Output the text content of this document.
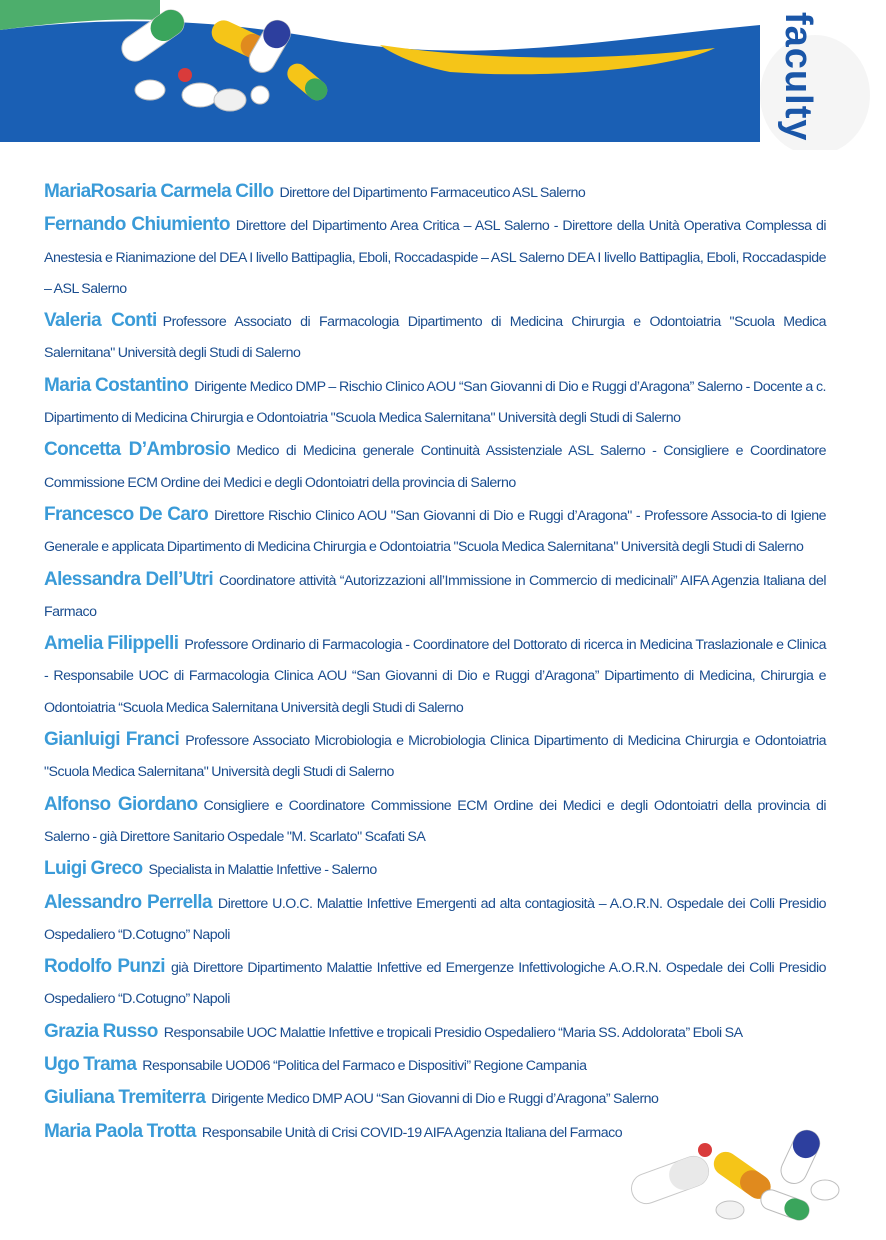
faculty
MariaRosaria Carmela Cillo Direttore del Dipartimento Farmaceutico ASL Salerno
Fernando Chiumiento Direttore del Dipartimento Area Critica – ASL Salerno - Direttore della Unità Operativa Complessa di Anestesia e Rianimazione del DEA I livello Battipaglia, Eboli, Roccadaspide – ASL Salerno DEA I livello Battipaglia, Eboli, Roccadaspide – ASL Salerno
Valeria Conti Professore Associato di Farmacologia Dipartimento di Medicina Chirurgia e Odontoiatria "Scuola Medica Salernitana" Università degli Studi di Salerno
Maria Costantino Dirigente Medico DMP – Rischio Clinico AOU “San Giovanni di Dio e Ruggi d’Aragona” Salerno - Docente a c. Dipartimento di Medicina Chirurgia e Odontoiatria "Scuola Medica Salernitana" Università degli Studi di Salerno
Concetta D’Ambrosio Medico di Medicina generale Continuità Assistenziale ASL Salerno - Consigliere e Coordinatore Commissione ECM Ordine dei Medici e degli Odontoiatri della provincia di Salerno
Francesco De Caro Direttore Rischio Clinico AOU "San Giovanni di Dio e Ruggi d’Aragona" - Professore Associa-to di Igiene Generale e applicata Dipartimento di Medicina Chirurgia e Odontoiatria "Scuola Medica Salernitana" Università degli Studi di Salerno
Alessandra Dell’Utri Coordinatore attività “Autorizzazioni all’Immissione in Commercio di medicinali” AIFA Agenzia Italiana del Farmaco
Amelia Filippelli Professore Ordinario di Farmacologia - Coordinatore del Dottorato di ricerca in Medicina Traslazionale e Clinica - Responsabile UOC di Farmacologia Clinica AOU “San Giovanni di Dio e Ruggi d’Aragona” Dipartimento di Medicina, Chirurgia e Odontoiatria “Scuola Medica Salernitana Università degli Studi di Salerno
Gianluigi Franci Professore Associato Microbiologia e Microbiologia Clinica Dipartimento di Medicina Chirurgia e Odontoiatria "Scuola Medica Salernitana" Università degli Studi di Salerno
Alfonso Giordano Consigliere e Coordinatore Commissione ECM Ordine dei Medici e degli Odontoiatri della provincia di Salerno - già Direttore Sanitario Ospedale "M. Scarlato" Scafati SA
Luigi Greco Specialista in Malattie Infettive - Salerno
Alessandro Perrella Direttore U.O.C. Malattie Infettive Emergenti ad alta contagiosità – A.O.R.N. Ospedale dei Colli Presidio Ospedaliero “D.Cotugno” Napoli
Rodolfo Punzi già Direttore Dipartimento Malattie Infettive ed Emergenze Infettivologiche A.O.R.N. Ospedale dei Colli Presidio Ospedaliero “D.Cotugno” Napoli
Grazia Russo Responsabile UOC Malattie Infettive e tropicali Presidio Ospedaliero “Maria SS. Addolorata” Eboli SA
Ugo Trama Responsabile UOD06 “Politica del Farmaco e Dispositivi” Regione Campania
Giuliana Tremiterra Dirigente Medico DMP AOU “San Giovanni di Dio e Ruggi d’Aragona” Salerno
Maria Paola Trotta Responsabile Unità di Crisi COVID-19 AIFA Agenzia Italiana del Farmaco
